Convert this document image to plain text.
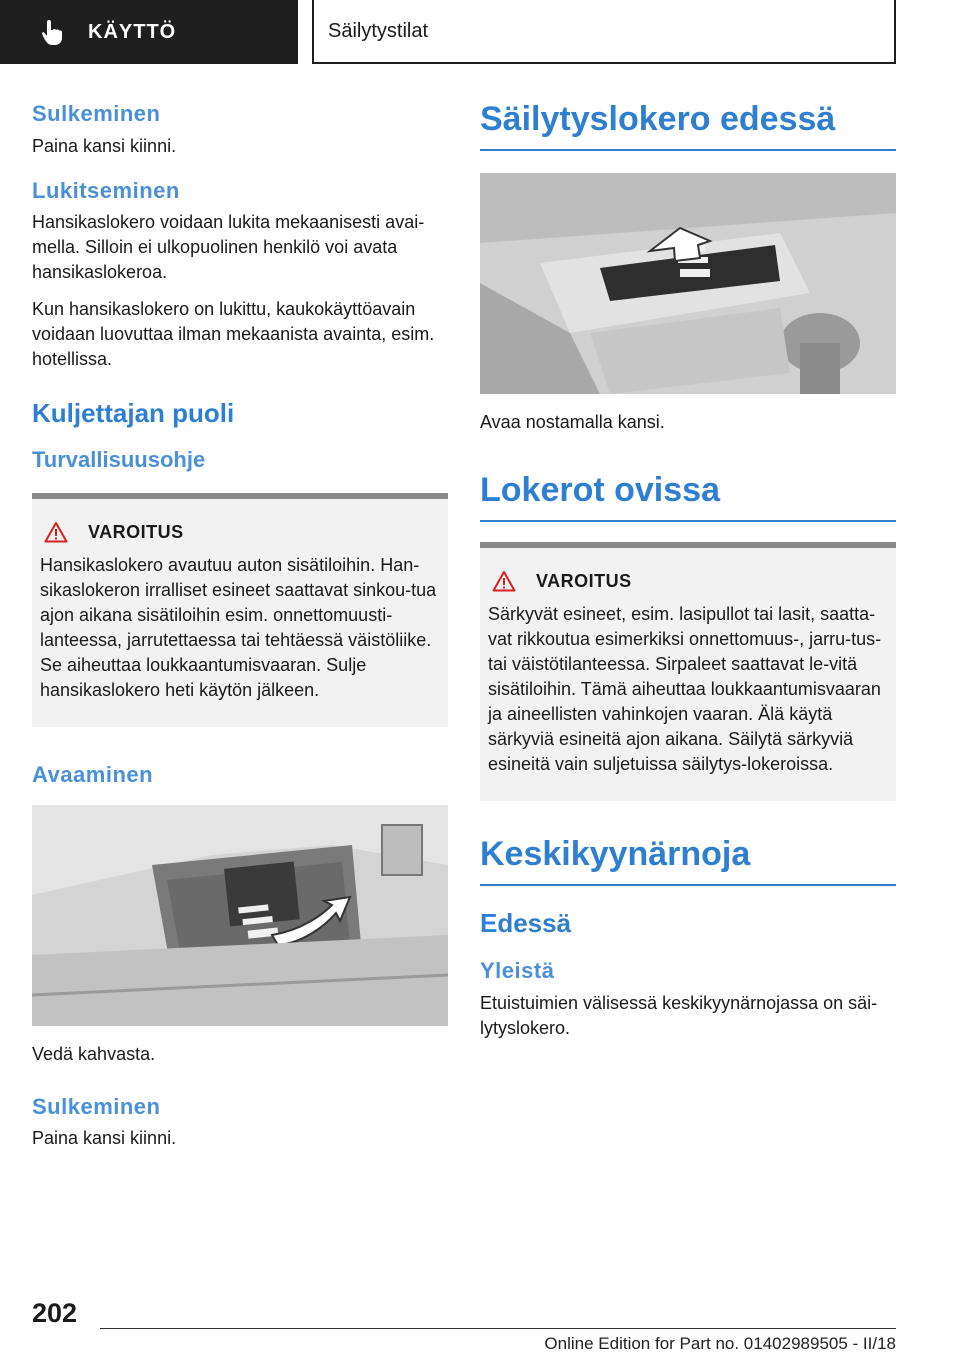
KÄYTTÖ	Säilytystilat
Sulkeminen

Paina kansi kiinni.

Lukitseminen

Hansikaslokero voidaan lukita mekaanisesti avai-mella. Silloin ei ulkopuolinen henkilö voi avata hansikaslokeroa.

Kun hansikaslokero on lukittu, kaukokäyttöavain voidaan luovuttaa ilman mekaanista avainta, esim. hotellissa.

Kuljettajan puoli
Turvallisuusohje
VAROITUS
Hansikaslokero avautuu auton sisätiloihin. Han-sikaslokeron irralliset esineet saattavat sinkou-tua ajon aikana sisätiloihin esim. onnettomuusti-lanteessa, jarrutettaessa tai tehtäessä väistöliike. Se aiheuttaa loukkaantumisvaaran. Sulje hansikaslokero heti käytön jälkeen.
Avaaminen

Vedä kahvasta.

Sulkeminen

Paina kansi kiinni.

Säilytyslokero edessä

Avaa nostamalla kansi.

Lokerot ovissa
VAROITUS
Särkyvät esineet, esim. lasipullot tai lasit, saatta-vat rikkoutua esimerkiksi onnettomuus-, jarru-tus- tai väistötilanteessa. Sirpaleet saattavat le-vitä sisätiloihin. Tämä aiheuttaa loukkaantumisvaaran ja aineellisten vahinkojen vaaran. Älä käytä särkyviä esineitä ajon aikana. Säilytä särkyviä esineitä vain suljetuissa säilytys-lokeroissa.
Keskikyynärnoja
Edessä
Yleistä

Etuistuimien välisessä keskikyynärnojassa on säi-lytyslokero.

202
Online Edition for Part no. 01402989505 - II/18
